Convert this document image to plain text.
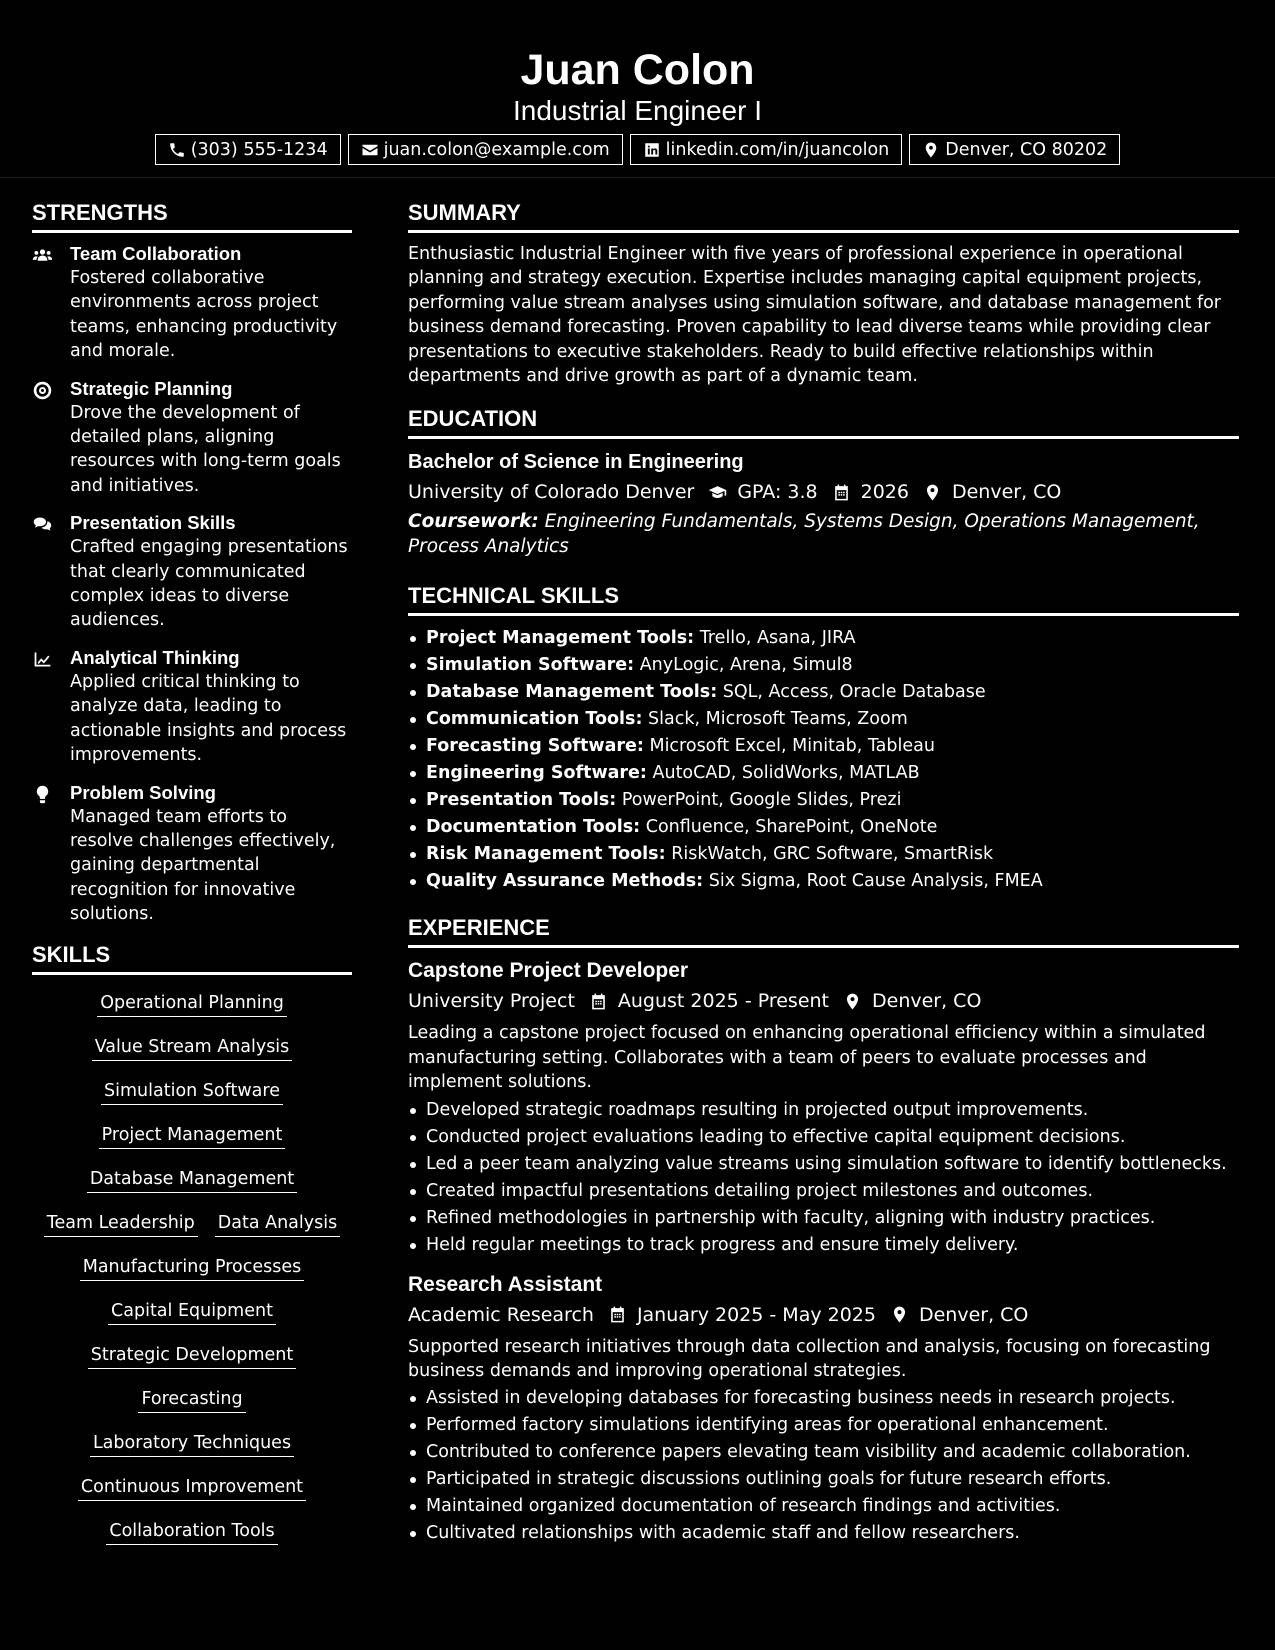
Juan Colon
Industrial Engineer I
(303) 555-1234	juan.colon@example.com	linkedin.com/in/juancolon	Denver, CO 80202
STRENGTHS
Team Collaboration
Fostered collaborative environments across project teams, enhancing productivity and morale.
Strategic Planning
Drove the development of detailed plans, aligning resources with long-term goals and initiatives.
Presentation Skills
Crafted engaging presentations that clearly communicated complex ideas to diverse audiences.
Analytical Thinking
Applied critical thinking to analyze data, leading to actionable insights and process improvements.
Problem Solving
Managed team efforts to resolve challenges effectively, gaining departmental recognition for innovative solutions.
SKILLS
Operational Planning
Value Stream Analysis
Simulation Software
Project Management
Database Management
Team Leadership Data Analysis
Manufacturing Processes
Capital Equipment
Strategic Development
Forecasting
Laboratory Techniques
Continuous Improvement
Collaboration Tools
SUMMARY
Enthusiastic Industrial Engineer with five years of professional experience in operational planning and strategy execution. Expertise includes managing capital equipment projects, performing value stream analyses using simulation software, and database management for business demand forecasting. Proven capability to lead diverse teams while providing clear presentations to executive stakeholders. Ready to build effective relationships within departments and drive growth as part of a dynamic team.
EDUCATION
Bachelor of Science in Engineering
University of Colorado Denver GPA: 3.8 2026 Denver, CO
Coursework: Engineering Fundamentals, Systems Design, Operations Management, Process Analytics
TECHNICAL SKILLS
Project Management Tools: Trello, Asana, JIRA
Simulation Software: AnyLogic, Arena, Simul8
Database Management Tools: SQL, Access, Oracle Database
Communication Tools: Slack, Microsoft Teams, Zoom
Forecasting Software: Microsoft Excel, Minitab, Tableau
Engineering Software: AutoCAD, SolidWorks, MATLAB
Presentation Tools: PowerPoint, Google Slides, Prezi
Documentation Tools: Confluence, SharePoint, OneNote
Risk Management Tools: RiskWatch, GRC Software, SmartRisk
Quality Assurance Methods: Six Sigma, Root Cause Analysis, FMEA
EXPERIENCE
Capstone Project Developer
University Project August 2025 - Present Denver, CO
Leading a capstone project focused on enhancing operational efficiency within a simulated manufacturing setting. Collaborates with a team of peers to evaluate processes and implement solutions.
Developed strategic roadmaps resulting in projected output improvements.
Conducted project evaluations leading to effective capital equipment decisions.
Led a peer team analyzing value streams using simulation software to identify bottlenecks.
Created impactful presentations detailing project milestones and outcomes.
Refined methodologies in partnership with faculty, aligning with industry practices.
Held regular meetings to track progress and ensure timely delivery.
Research Assistant
Academic Research January 2025 - May 2025 Denver, CO
Supported research initiatives through data collection and analysis, focusing on forecasting business demands and improving operational strategies.
Assisted in developing databases for forecasting business needs in research projects.
Performed factory simulations identifying areas for operational enhancement.
Contributed to conference papers elevating team visibility and academic collaboration.
Participated in strategic discussions outlining goals for future research efforts.
Maintained organized documentation of research findings and activities.
Cultivated relationships with academic staff and fellow researchers.
